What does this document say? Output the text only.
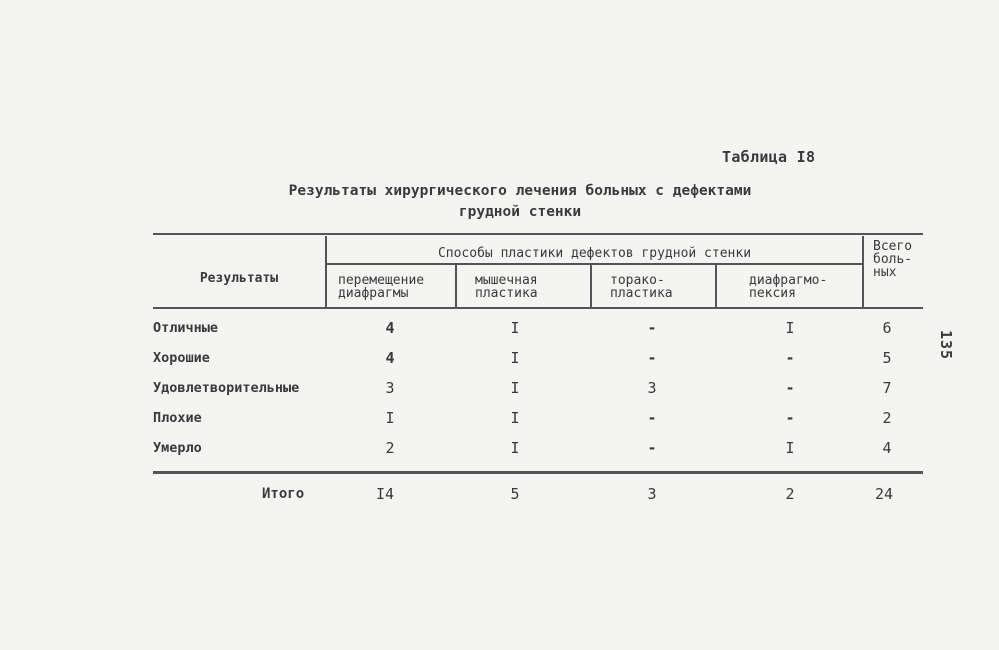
Таблица I8
Результаты хирургического лечения больных с дефектами
грудной стенки
135
Результаты
Способы пластики дефектов грудной стенки	Всего
боль-
ных
перемещение
диафрагмы
мышечная
пластика
торако-
пластика
диафрагмо-
пексия
Отличные	4	I	-	I	6
Хорошие	4	I	-	-	5
Удовлетворительные	3	I	3	-	7
Плохие	I	I	-	-	2
Умерло	2	I	-	I	4
Итого	I4	5	3	2	24
